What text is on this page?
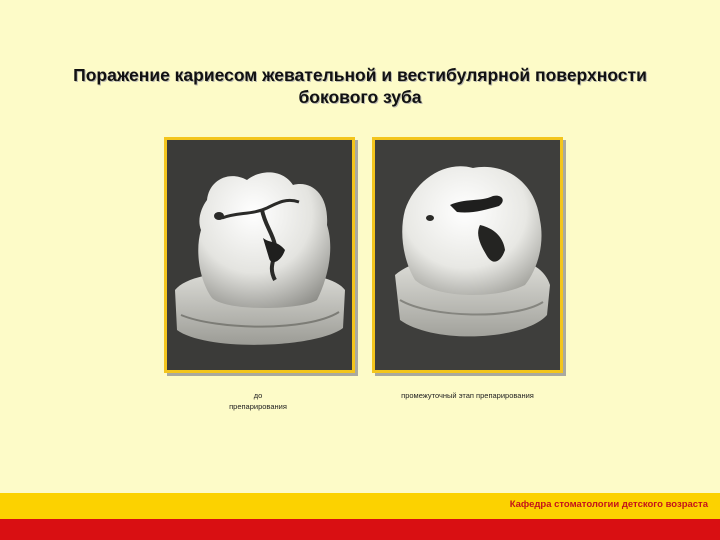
Поражение кариесом жевательной и вестибулярной поверхности
бокового зуба
до
препарирования
промежуточный этап препарирования
Кафедра стоматологии детского возраста
